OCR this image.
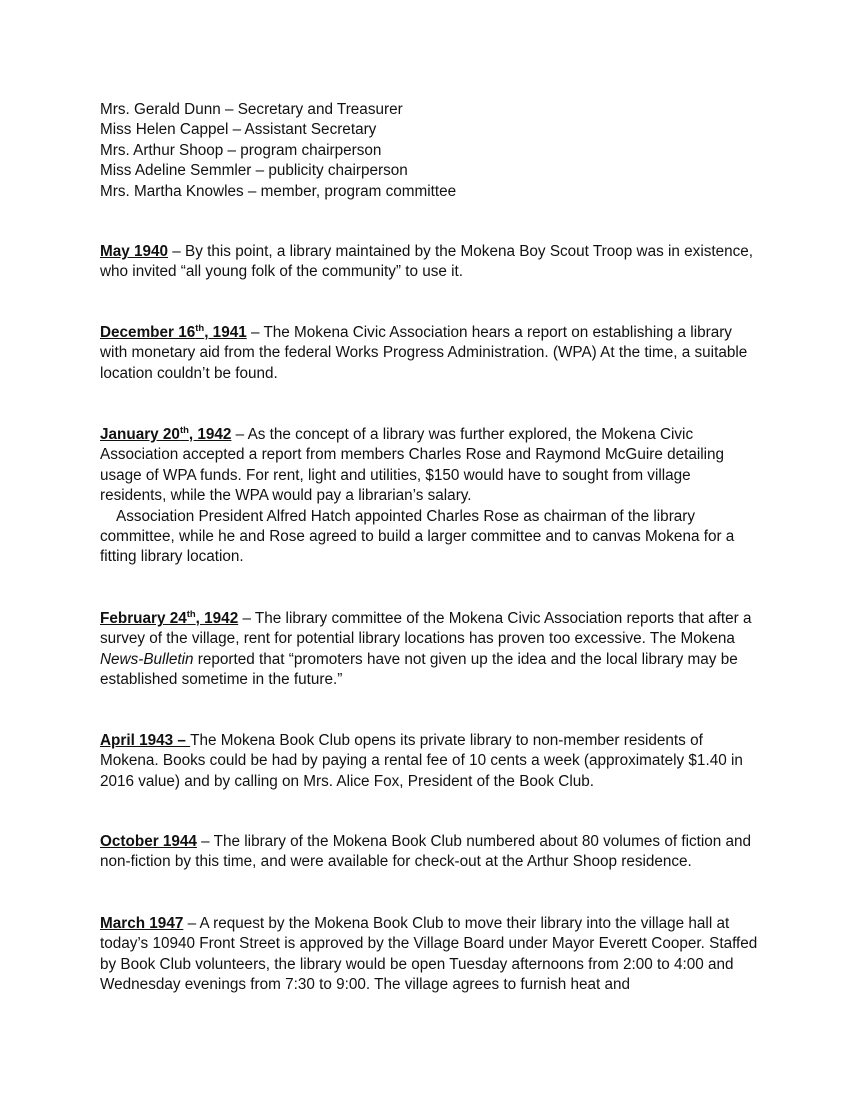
Mrs. Gerald Dunn – Secretary and Treasurer
Miss Helen Cappel – Assistant Secretary
Mrs. Arthur Shoop – program chairperson
Miss Adeline Semmler – publicity chairperson
Mrs. Martha Knowles – member, program committee

May 1940 – By this point, a library maintained by the Mokena Boy Scout Troop was in existence, who invited “all young folk of the community” to use it.

December 16th, 1941 – The Mokena Civic Association hears a report on establishing a library with monetary aid from the federal Works Progress Administration. (WPA) At the time, a suitable location couldn’t be found.

January 20th, 1942 – As the concept of a library was further explored, the Mokena Civic Association accepted a report from members Charles Rose and Raymond McGuire detailing usage of WPA funds. For rent, light and utilities, $150 would have to sought from village residents, while the WPA would pay a librarian’s salary.

Association President Alfred Hatch appointed Charles Rose as chairman of the library committee, while he and Rose agreed to build a larger committee and to canvas Mokena for a fitting library location.

February 24th, 1942 – The library committee of the Mokena Civic Association reports that after a survey of the village, rent for potential library locations has proven too excessive. The Mokena News-Bulletin reported that “promoters have not given up the idea and the local library may be established sometime in the future.”

April 1943 – The Mokena Book Club opens its private library to non-member residents of Mokena. Books could be had by paying a rental fee of 10 cents a week (approximately $1.40 in 2016 value) and by calling on Mrs. Alice Fox, President of the Book Club.

October 1944 – The library of the Mokena Book Club numbered about 80 volumes of fiction and non-fiction by this time, and were available for check-out at the Arthur Shoop residence.

March 1947 – A request by the Mokena Book Club to move their library into the village hall at today’s 10940 Front Street is approved by the Village Board under Mayor Everett Cooper. Staffed by Book Club volunteers, the library would be open Tuesday afternoons from 2:00 to 4:00 and Wednesday evenings from 7:30 to 9:00. The village agrees to furnish heat and
